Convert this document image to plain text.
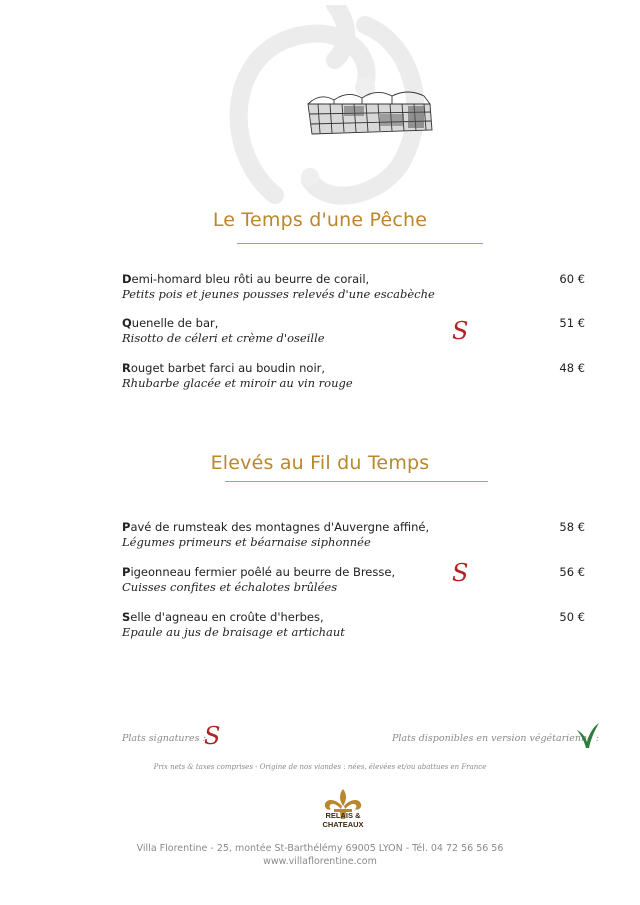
Le Temps d'une Pêche
Demi-homard bleu rôti au beurre de corail,
Petits pois et jeunes pousses relevés d'une escabèche
60 €
Quenelle de bar,
Risotto de céleri et crème d'oseille	S	51 €
Rouget barbet farci au boudin noir,
Rhubarbe glacée et miroir au vin rouge
48 €
Elevés au Fil du Temps
Pavé de rumsteak des montagnes d'Auvergne affiné,
Légumes primeurs et béarnaise siphonnée
58 €
Pigeonneau fermier poêlé au beurre de Bresse,
Cuisses confites et échalotes brûlées	S	56 €
Selle d'agneau en croûte d'herbes,
Epaule au jus de braisage et artichaut
50 €
Plats signatures :
S	Plats disponibles en version végétarienne :
Prix nets & taxes comprises - Origine de nos viandes : nées, élevées et/ou abattues en France
RELAIS &
CHATEAUX
Villa Florentine - 25, montée St-Barthélémy 69005 LYON - Tél. 04 72 56 56 56
www.villaflorentine.com
